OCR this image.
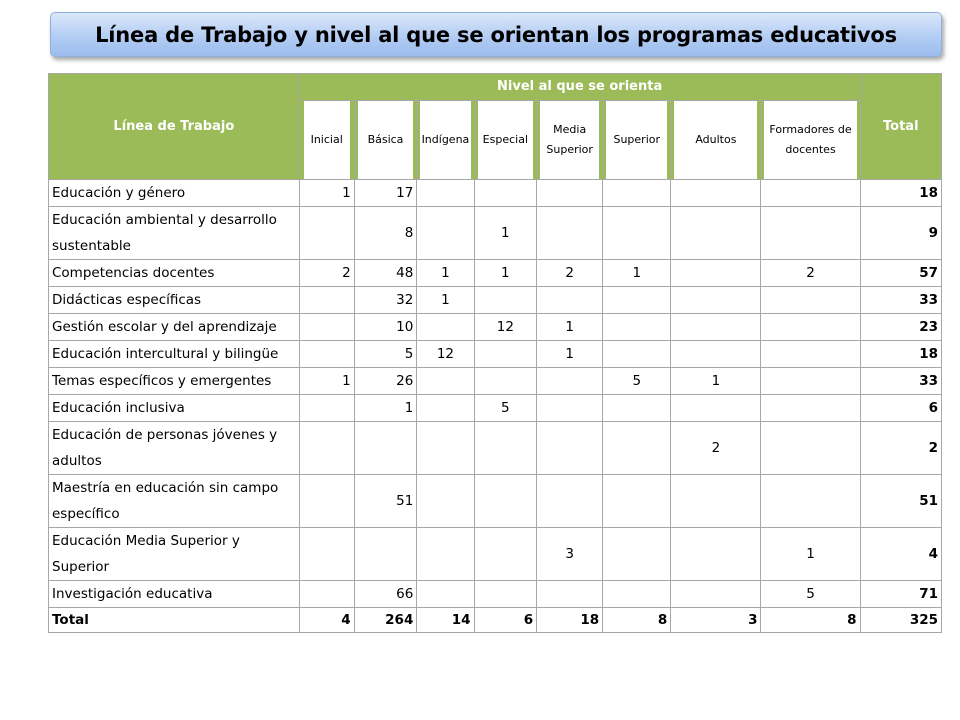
Línea de Trabajo y nivel al que se orientan los programas educativos
Línea de Trabajo	Nivel al que se orienta								Total

Inicial	Básica	Indígena	Especial	Media Superior	Superior	Adultos	Formadores de docentes	

Educación y género	1	17							18
Educación ambiental y desarrollo sustentable		8		1					9
Competencias docentes	2	48	1	1	2	1		2	57
Didácticas específicas		32	1						33
Gestión escolar y del aprendizaje		10		12	1				23
Educación intercultural y bilingüe		5	12		1				18
Temas específicos y emergentes	1	26				5	1		33
Educación inclusiva		1		5					6
Educación de personas jóvenes y adultos							2		2
Maestría en educación sin campo específico		51							51
Educación Media Superior y Superior					3			1	4
Investigación educativa		66						5	71
Total	4	264	14	6	18	8	3	8	325
